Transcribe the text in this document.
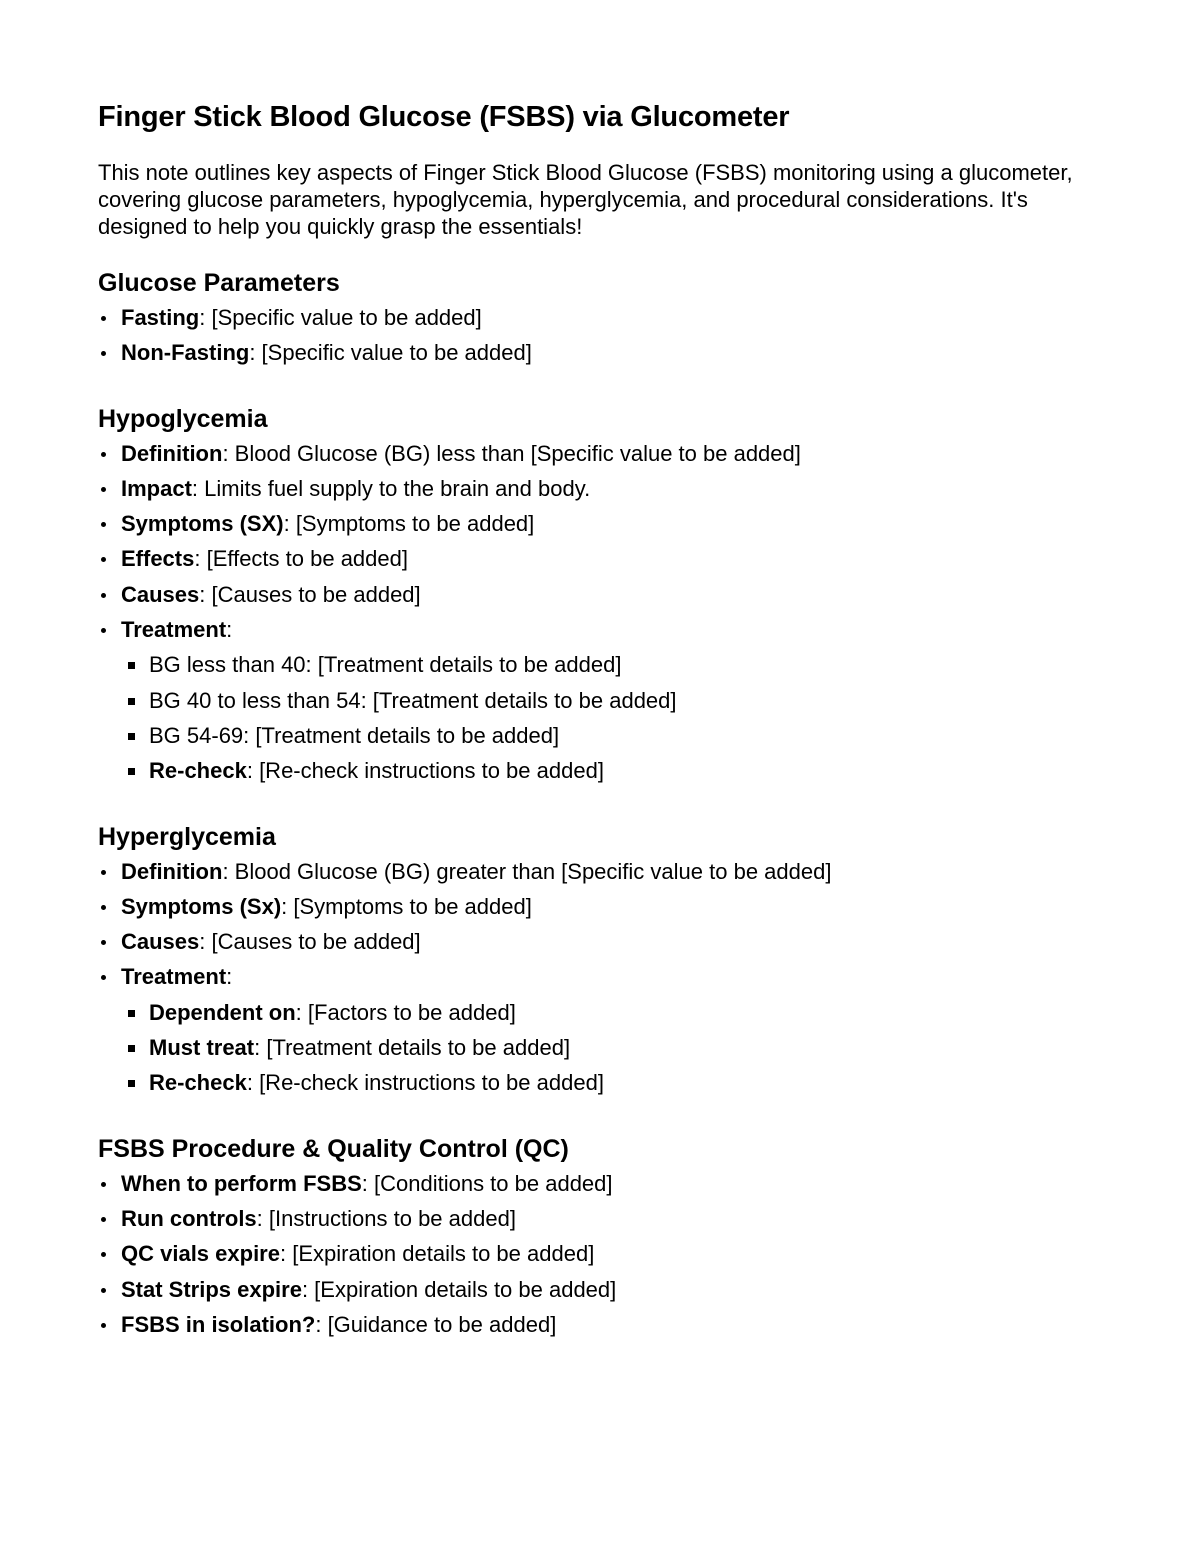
Finger Stick Blood Glucose (FSBS) via Glucometer

This note outlines key aspects of Finger Stick Blood Glucose (FSBS) monitoring using a glucometer, covering glucose parameters, hypoglycemia, hyperglycemia, and procedural considerations. It's designed to help you quickly grasp the essentials!

Glucose Parameters
Fasting: [Specific value to be added]
Non-Fasting: [Specific value to be added]
Hypoglycemia
Definition: Blood Glucose (BG) less than [Specific value to be added]
Impact: Limits fuel supply to the brain and body.
Symptoms (SX): [Symptoms to be added]
Effects: [Effects to be added]
Causes: [Causes to be added]
Treatment:
BG less than 40: [Treatment details to be added]
BG 40 to less than 54: [Treatment details to be added]
BG 54-69: [Treatment details to be added]
Re-check: [Re-check instructions to be added]
Hyperglycemia
Definition: Blood Glucose (BG) greater than [Specific value to be added]
Symptoms (Sx): [Symptoms to be added]
Causes: [Causes to be added]
Treatment:
Dependent on: [Factors to be added]
Must treat: [Treatment details to be added]
Re-check: [Re-check instructions to be added]
FSBS Procedure & Quality Control (QC)
When to perform FSBS: [Conditions to be added]
Run controls: [Instructions to be added]
QC vials expire: [Expiration details to be added]
Stat Strips expire: [Expiration details to be added]
FSBS in isolation?: [Guidance to be added]
